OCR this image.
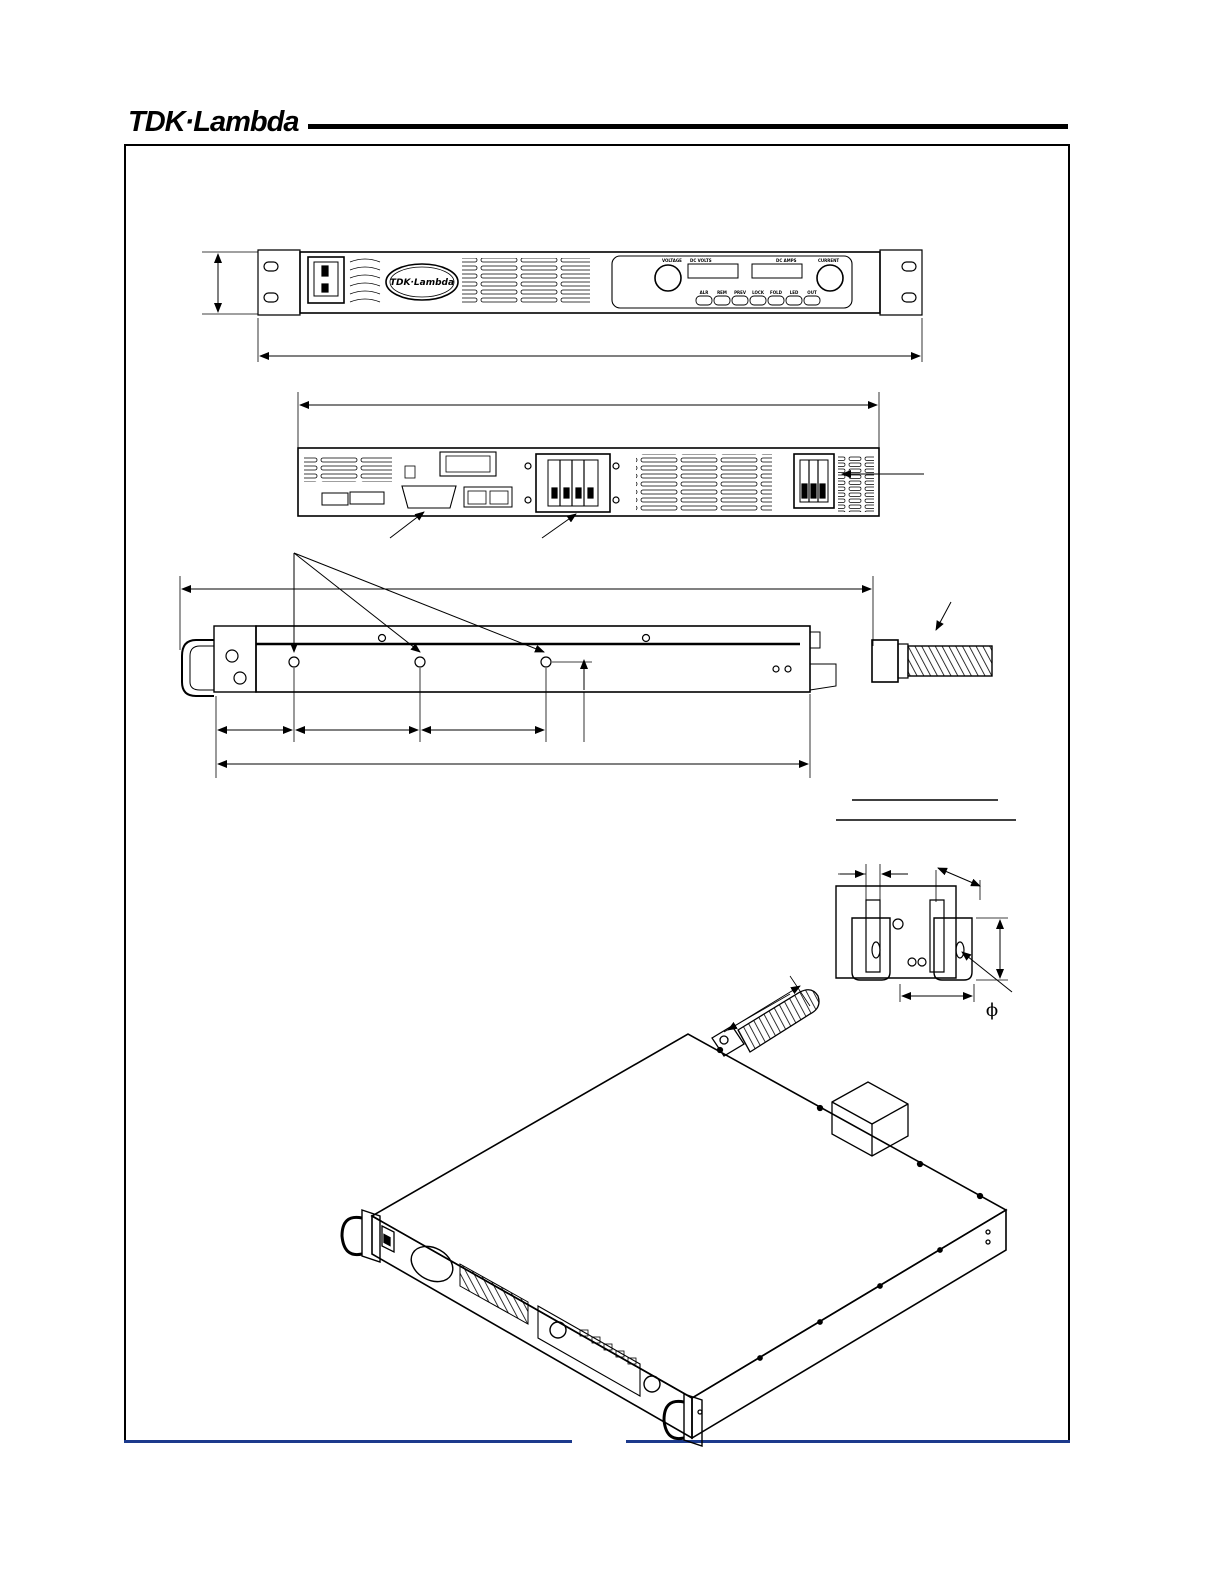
TDK·Lambda
TDK·Lambda
VOLTAGE	CURRENT
DC VOLTS	DC AMPS
ϕ
ALR REM PREV LOCK FOLD LED OUT
